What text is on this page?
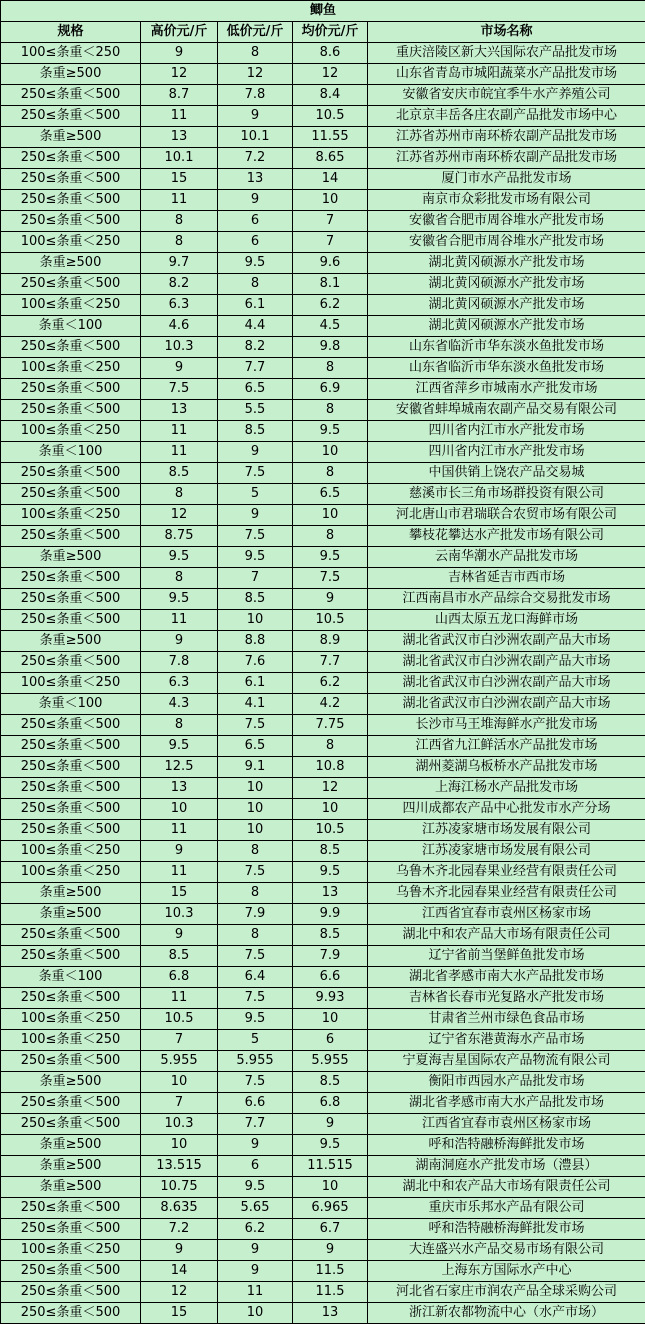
鲫鱼				
规格	高价元/斤	低价元/斤	均价元/斤	市场名称
100≤条重＜250	9	8	8.6	重庆涪陵区新大兴国际农产品批发市场
条重≥500	12	12	12	山东省青岛市城阳蔬菜水产品批发市场
250≤条重＜500	8.7	7.8	8.4	安徽省安庆市皖宜季牛水产养殖公司
250≤条重＜500	11	9	10.5	北京京丰岳各庄农副产品批发市场中心
条重≥500	13	10.1	11.55	江苏省苏州市南环桥农副产品批发市场
250≤条重＜500	10.1	7.2	8.65	江苏省苏州市南环桥农副产品批发市场
250≤条重＜500	15	13	14	厦门市水产品批发市场
250≤条重＜500	11	9	10	南京市众彩批发市场有限公司
250≤条重＜500	8	6	7	安徽省合肥市周谷堆水产批发市场
100≤条重＜250	8	6	7	安徽省合肥市周谷堆水产批发市场
条重≥500	9.7	9.5	9.6	湖北黄冈硕源水产批发市场
250≤条重＜500	8.2	8	8.1	湖北黄冈硕源水产批发市场
100≤条重＜250	6.3	6.1	6.2	湖北黄冈硕源水产批发市场
条重＜100	4.6	4.4	4.5	湖北黄冈硕源水产批发市场
250≤条重＜500	10.3	8.2	9.8	山东省临沂市华东淡水鱼批发市场
100≤条重＜250	9	7.7	8	山东省临沂市华东淡水鱼批发市场
250≤条重＜500	7.5	6.5	6.9	江西省萍乡市城南水产批发市场
250≤条重＜500	13	5.5	8	安徽省蚌埠城南农副产品交易有限公司
100≤条重＜250	11	8.5	9.5	四川省内江市水产批发市场
条重＜100	11	9	10	四川省内江市水产批发市场
250≤条重＜500	8.5	7.5	8	中国供销上饶农产品交易城
250≤条重＜500	8	5	6.5	慈溪市长三角市场群投资有限公司
100≤条重＜250	12	9	10	河北唐山市君瑞联合农贸市场有限公司
250≤条重＜500	8.75	7.5	8	攀枝花攀达水产批发市场有限公司
条重≥500	9.5	9.5	9.5	云南华潮水产品批发市场
250≤条重＜500	8	7	7.5	吉林省延吉市西市场
250≤条重＜500	9.5	8.5	9	江西南昌市水产品综合交易批发市场
250≤条重＜500	11	10	10.5	山西太原五龙口海鲜市场
条重≥500	9	8.8	8.9	湖北省武汉市白沙洲农副产品大市场
250≤条重＜500	7.8	7.6	7.7	湖北省武汉市白沙洲农副产品大市场
100≤条重＜250	6.3	6.1	6.2	湖北省武汉市白沙洲农副产品大市场
条重＜100	4.3	4.1	4.2	湖北省武汉市白沙洲农副产品大市场
250≤条重＜500	8	7.5	7.75	长沙市马王堆海鲜水产批发市场
250≤条重＜500	9.5	6.5	8	江西省九江鲜活水产品批发市场
250≤条重＜500	12.5	9.1	10.8	湖州菱湖乌板桥水产品批发市场
250≤条重＜500	13	10	12	上海江杨水产品批发市场
250≤条重＜500	10	10	10	四川成都农产品中心批发市水产分场
250≤条重＜500	11	10	10.5	江苏凌家塘市场发展有限公司
100≤条重＜250	9	8	8.5	江苏凌家塘市场发展有限公司
100≤条重＜250	11	7.5	9.5	乌鲁木齐北园春果业经营有限责任公司
条重≥500	15	8	13	乌鲁木齐北园春果业经营有限责任公司
条重≥500	10.3	7.9	9.9	江西省宜春市袁州区杨家市场
250≤条重＜500	9	8	8.5	湖北中和农产品大市场有限责任公司
250≤条重＜500	8.5	7.5	7.9	辽宁省前当堡鲜鱼批发市场
条重＜100	6.8	6.4	6.6	湖北省孝感市南大水产品批发市场
250≤条重＜500	11	7.5	9.93	吉林省长春市光复路水产批发市场
100≤条重＜250	10.5	9.5	10	甘肃省兰州市绿色食品市场
100≤条重＜250	7	5	6	辽宁省东港黄海水产品市场
250≤条重＜500	5.955	5.955	5.955	宁夏海吉星国际农产品物流有限公司
条重≥500	10	7.5	8.5	衡阳市西园水产品批发市场
250≤条重＜500	7	6.6	6.8	湖北省孝感市南大水产品批发市场
250≤条重＜500	10.3	7.7	9	江西省宜春市袁州区杨家市场
条重≥500	10	9	9.5	呼和浩特融桥海鲜批发市场
条重≥500	13.515	6	11.515	湖南洞庭水产批发市场（澧县）
条重≥500	10.75	9.5	10	湖北中和农产品大市场有限责任公司
250≤条重＜500	8.635	5.65	6.965	重庆市乐邦水产品有限公司
250≤条重＜500	7.2	6.2	6.7	呼和浩特融桥海鲜批发市场
100≤条重＜250	9	9	9	大连盛兴水产品交易市场有限公司
250≤条重＜500	14	9	11.5	上海东方国际水产中心
250≤条重＜500	12	11	11.5	河北省石家庄市润农产品全球采购公司
250≤条重＜500	15	10	13	浙江新农都物流中心（水产市场）
